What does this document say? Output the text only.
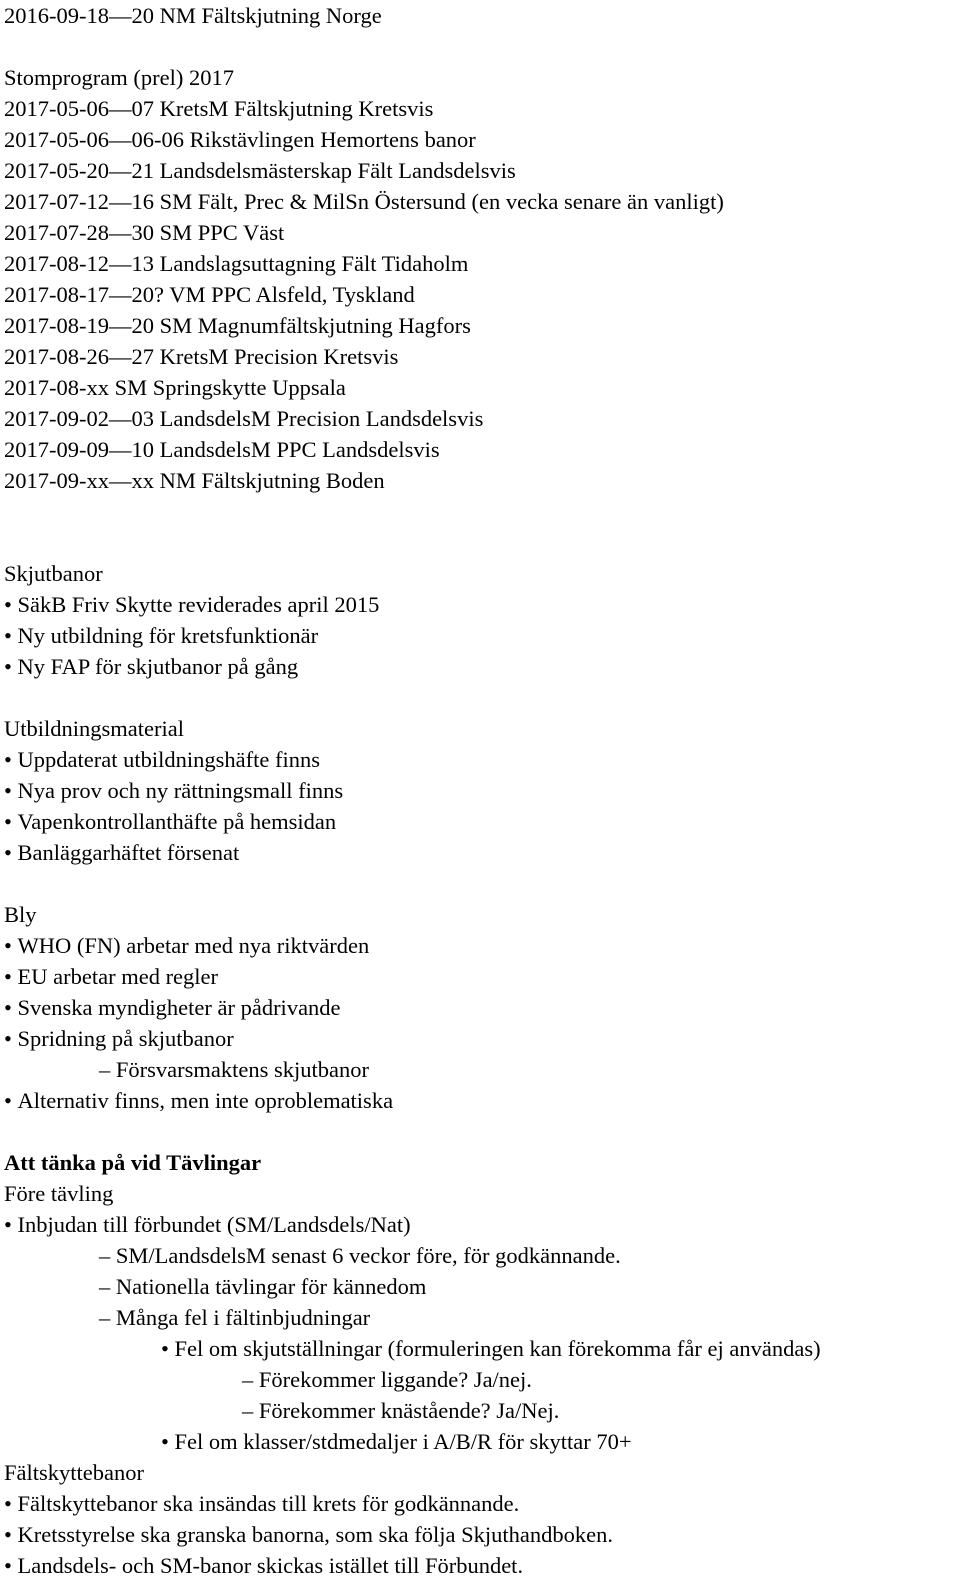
2016-09-18—20 NM Fältskjutning Norge
Stomprogram (prel) 2017
2017-05-06—07 KretsM Fältskjutning Kretsvis
2017-05-06—06-06 Rikstävlingen Hemortens banor
2017-05-20—21 Landsdelsmästerskap Fält Landsdelsvis
2017-07-12—16 SM Fält, Prec & MilSn Östersund (en vecka senare än vanligt)
2017-07-28—30 SM PPC Väst
2017-08-12—13 Landslagsuttagning Fält Tidaholm
2017-08-17—20? VM PPC Alsfeld, Tyskland
2017-08-19—20 SM Magnumfältskjutning Hagfors
2017-08-26—27 KretsM Precision Kretsvis
2017-08-xx SM Springskytte Uppsala
2017-09-02—03 LandsdelsM Precision Landsdelsvis
2017-09-09—10 LandsdelsM PPC Landsdelsvis
2017-09-xx—xx NM Fältskjutning Boden
Skjutbanor
• SäkB Friv Skytte reviderades april 2015
• Ny utbildning för kretsfunktionär
• Ny FAP för skjutbanor på gång
Utbildningsmaterial
• Uppdaterat utbildningshäfte finns
• Nya prov och ny rättningsmall finns
• Vapenkontrollanthäfte på hemsidan
• Banläggarhäftet försenat
Bly
• WHO (FN) arbetar med nya riktvärden
• EU arbetar med regler
• Svenska myndigheter är pådrivande
• Spridning på skjutbanor
– Försvarsmaktens skjutbanor
• Alternativ finns, men inte oproblematiska
Att tänka på vid Tävlingar
Före tävling
• Inbjudan till förbundet (SM/Landsdels/Nat)
– SM/LandsdelsM senast 6 veckor före, för godkännande.
– Nationella tävlingar för kännedom
– Många fel i fältinbjudningar
• Fel om skjutställningar (formuleringen kan förekomma får ej användas)
– Förekommer liggande? Ja/nej.
– Förekommer knästående? Ja/Nej.
• Fel om klasser/stdmedaljer i A/B/R för skyttar 70+
Fältskyttebanor
• Fältskyttebanor ska insändas till krets för godkännande.
• Kretsstyrelse ska granska banorna, som ska följa Skjuthandboken.
• Landsdels- och SM-banor skickas istället till Förbundet.
